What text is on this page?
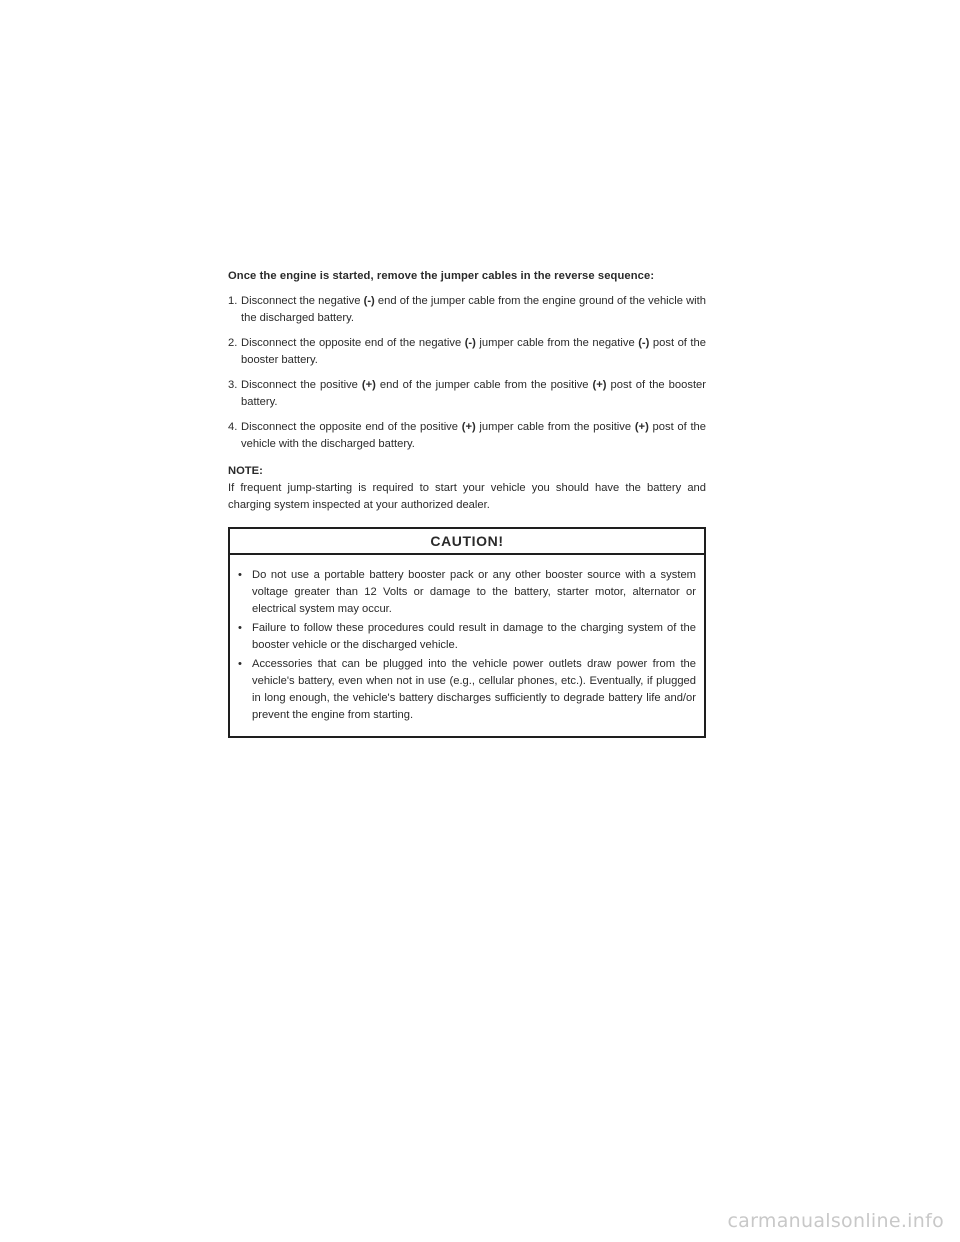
Once the engine is started, remove the jumper cables in the reverse sequence:

1. Disconnect the negative (-) end of the jumper cable from the engine ground of the vehicle with the discharged battery.
2. Disconnect the opposite end of the negative (-) jumper cable from the negative (-) post of the booster battery.
3. Disconnect the positive (+) end of the jumper cable from the positive (+) post of the booster battery.
4. Disconnect the opposite end of the positive (+) jumper cable from the positive (+) post of the vehicle with the discharged battery.

NOTE:

If frequent jump-starting is required to start your vehicle you should have the battery and charging system inspected at your authorized dealer.

CAUTION!
• Do not use a portable battery booster pack or any other booster source with a system voltage greater than 12 Volts or damage to the battery, starter motor, alternator or electrical system may occur.
• Failure to follow these procedures could result in damage to the charging system of the booster vehicle or the discharged vehicle.
• Accessories that can be plugged into the vehicle power outlets draw power from the vehicle's battery, even when not in use (e.g., cellular phones, etc.). Eventually, if plugged in long enough, the vehicle's battery discharges sufficiently to degrade battery life and/or prevent the engine from starting.
carmanualsonline.info
